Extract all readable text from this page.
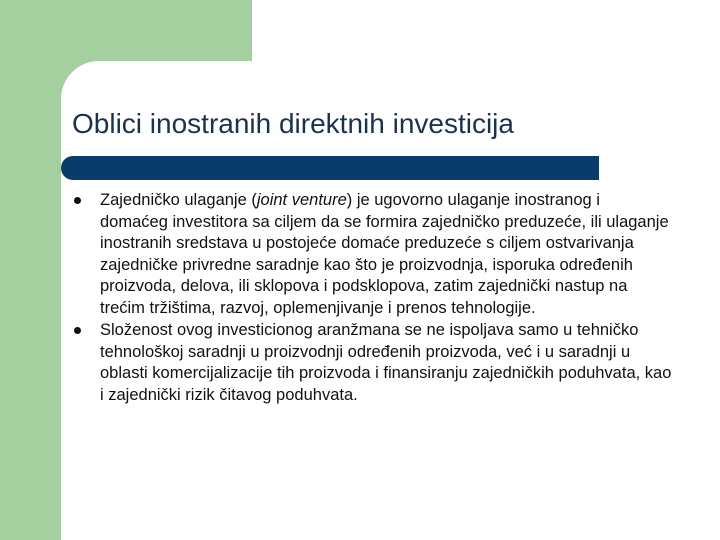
Oblici inostranih direktnih investicija
Zajedničko ulaganje (joint venture) je ugovorno ulaganje inostranog i domaćeg investitora sa ciljem da se formira zajedničko preduzeće, ili ulaganje inostranih sredstava u postojeće domaće preduzeće s ciljem ostvarivanja zajedničke privredne saradnje kao što je proizvodnja, isporuka određenih proizvoda, delova, ili sklopova i podsklopova, zatim zajednički nastup na trećim tržištima, razvoj, oplemenjivanje i prenos tehnologije.
Složenost ovog investicionog aranžmana se ne ispoljava samo u tehničko tehnološkoj saradnji u proizvodnji određenih proizvoda, već i u saradnji u oblasti komercijalizacije tih proizvoda i finansiranju zajedničkih poduhvata, kao i zajednički rizik čitavog poduhvata.
